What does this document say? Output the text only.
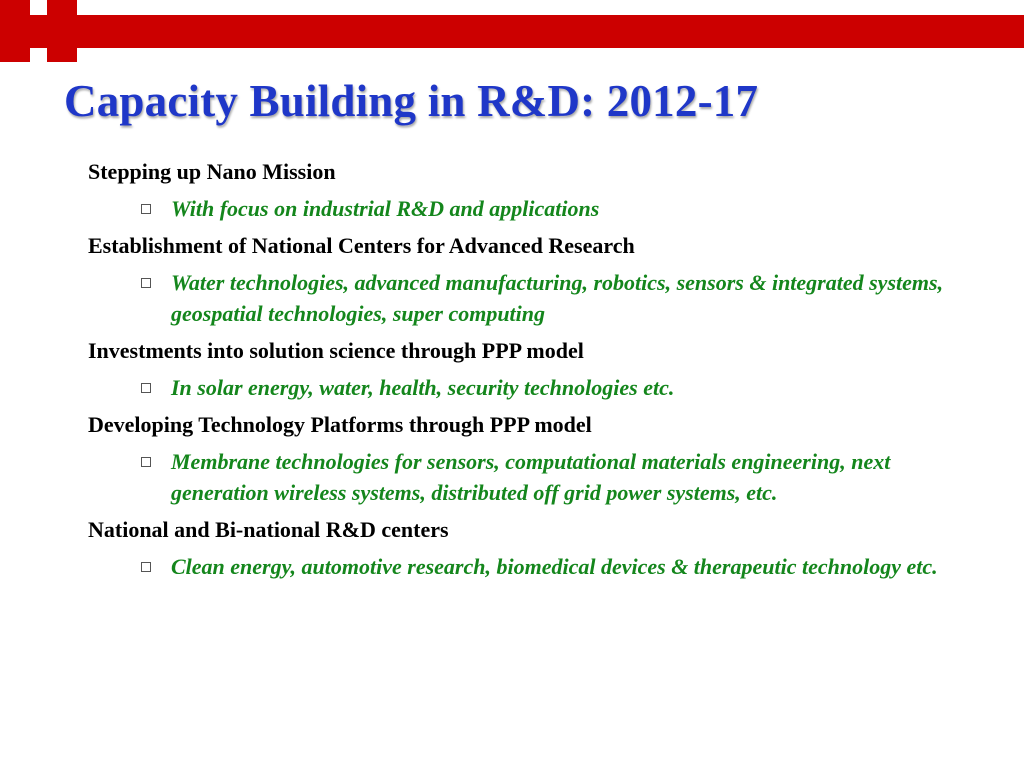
Capacity Building in R&D: 2012-17
Stepping up Nano Mission
With focus on industrial R&D and applications
Establishment of National Centers for Advanced Research
Water technologies, advanced manufacturing, robotics, sensors & integrated systems, geospatial technologies, super computing
Investments into solution science through PPP model
In solar energy, water, health, security technologies etc.
Developing Technology Platforms through PPP model
Membrane technologies for sensors, computational materials engineering, next generation wireless systems, distributed off grid power systems, etc.
National and Bi-national R&D centers
Clean energy, automotive research, biomedical devices & therapeutic technology etc.
